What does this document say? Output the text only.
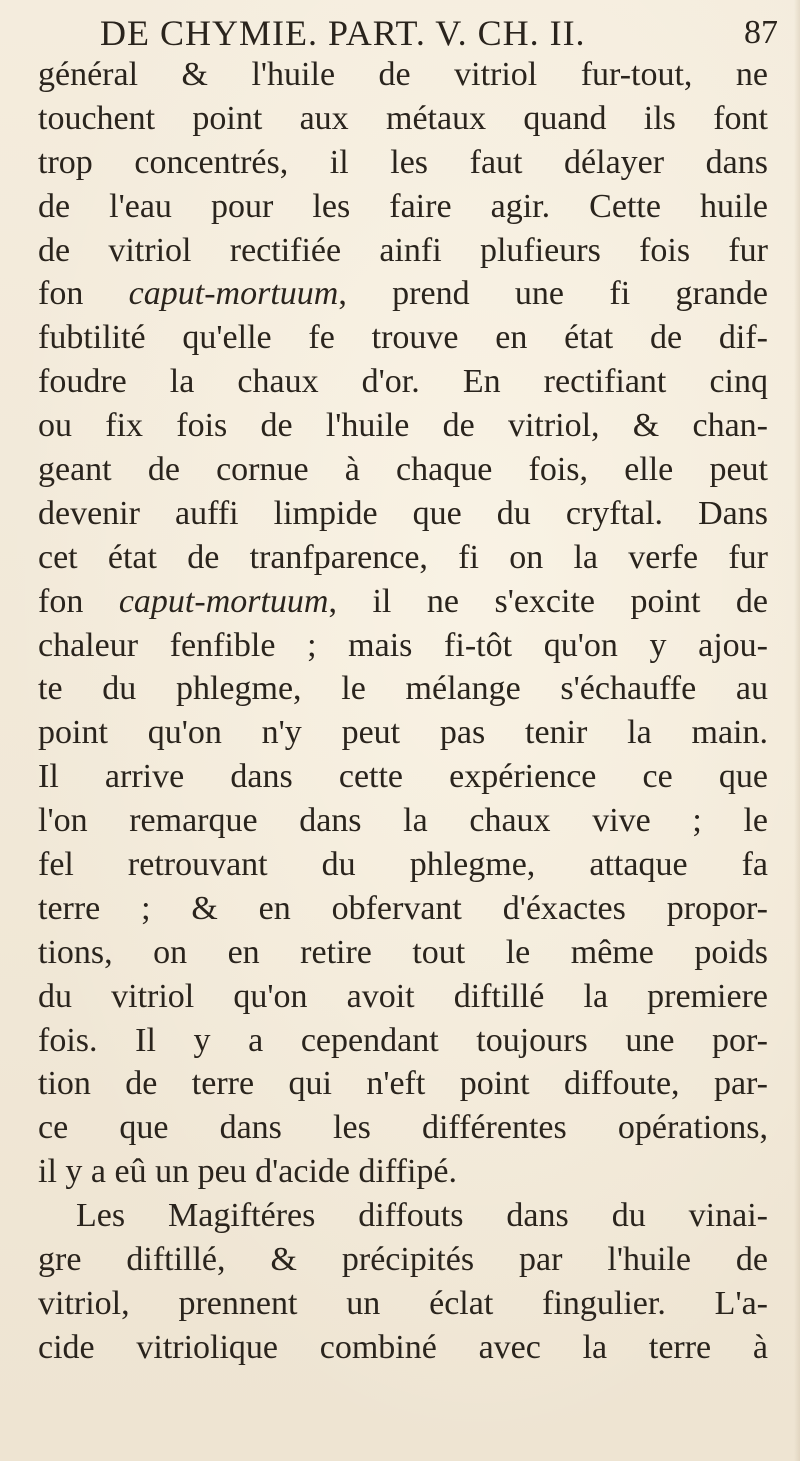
DE CHYMIE. PART. V. CH. II.	87
général & l'huile de vitriol fur-tout, ne
touchent point aux métaux quand ils font
trop concentrés, il les faut délayer dans
de l'eau pour les faire agir. Cette huile
de vitriol rectifiée ainfi plufieurs fois fur
fon caput-mortuum, prend une fi grande
fubtilité qu'elle fe trouve en état de dif-
foudre la chaux d'or. En rectifiant cinq
ou fix fois de l'huile de vitriol, & chan-
geant de cornue à chaque fois, elle peut
devenir auffi limpide que du cryftal. Dans
cet état de tranfparence, fi on la verfe fur
fon caput-mortuum, il ne s'excite point de
chaleur fenfible ; mais fi-tôt qu'on y ajou-
te du phlegme, le mélange s'échauffe au
point qu'on n'y peut pas tenir la main.
Il arrive dans cette expérience ce que
l'on remarque dans la chaux vive ; le
fel retrouvant du phlegme, attaque fa
terre ; & en obfervant d'éxactes propor-
tions, on en retire tout le même poids
du vitriol qu'on avoit diftillé la premiere
fois. Il y a cependant toujours une por-
tion de terre qui n'eft point diffoute, par-
ce que dans les différentes opérations,
il y a eû un peu d'acide diffipé.
Les Magiftéres diffouts dans du vinai-
gre diftillé, & précipités par l'huile de
vitriol, prennent un éclat fingulier. L'a-
cide vitriolique combiné avec la terre à
